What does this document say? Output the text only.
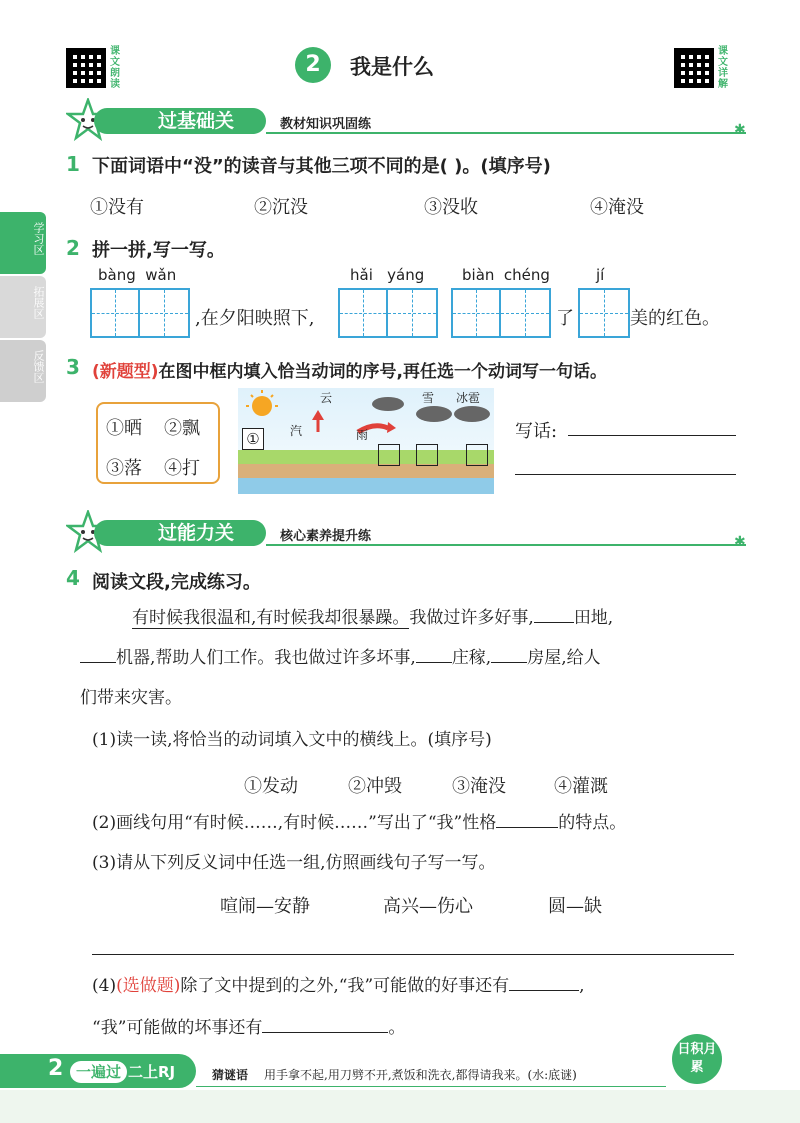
课文朗读
2	我是什么
课文详解
学习区
拓展区
反馈区
过基础关	教材知识巩固练	✱
1 下面词语中“没”的读音与其他三项不同的是( )。(填序号)
①没有	②沉没	③没收	④淹没
2 拼一拼,写一写。
bàng  wǎn	hǎi   yáng	biàn  chéng	jí
,在夕阳映照下,	了	美的红色。
3 (新题型)在图中框内填入恰当动词的序号,再任选一个动词写一句话。
①晒 ②飘
③落 ④打
云	雪 冰雹
汽	雨
①	写话:
过能力关	核心素养提升练	✱
4 阅读文段,完成练习。
有时候我很温和,有时候我却很暴躁。我做过许多好事, 田地,
机器,帮助人们工作。我也做过许多坏事, 庄稼, 房屋,给人
们带来灾害。
(1)读一读,将恰当的动词填入文中的横线上。(填序号)
①发动	②冲毁	③淹没	④灌溉
(2)画线句用“有时候……,有时候……”写出了“我”性格	的特点。
(3)请从下列反义词中任选一组,仿照画线句子写一写。
喧闹—安静	高兴—伤心	圆—缺
(4)(选做题)除了文中提到的之外,“我”可能做的好事还有	,
“我”可能做的坏事还有	。
2 一遍过 二上RJ	猜谜语 用手拿不起,用刀劈不开,煮饭和洗衣,都得请我来。(水:底谜)
日积月累
